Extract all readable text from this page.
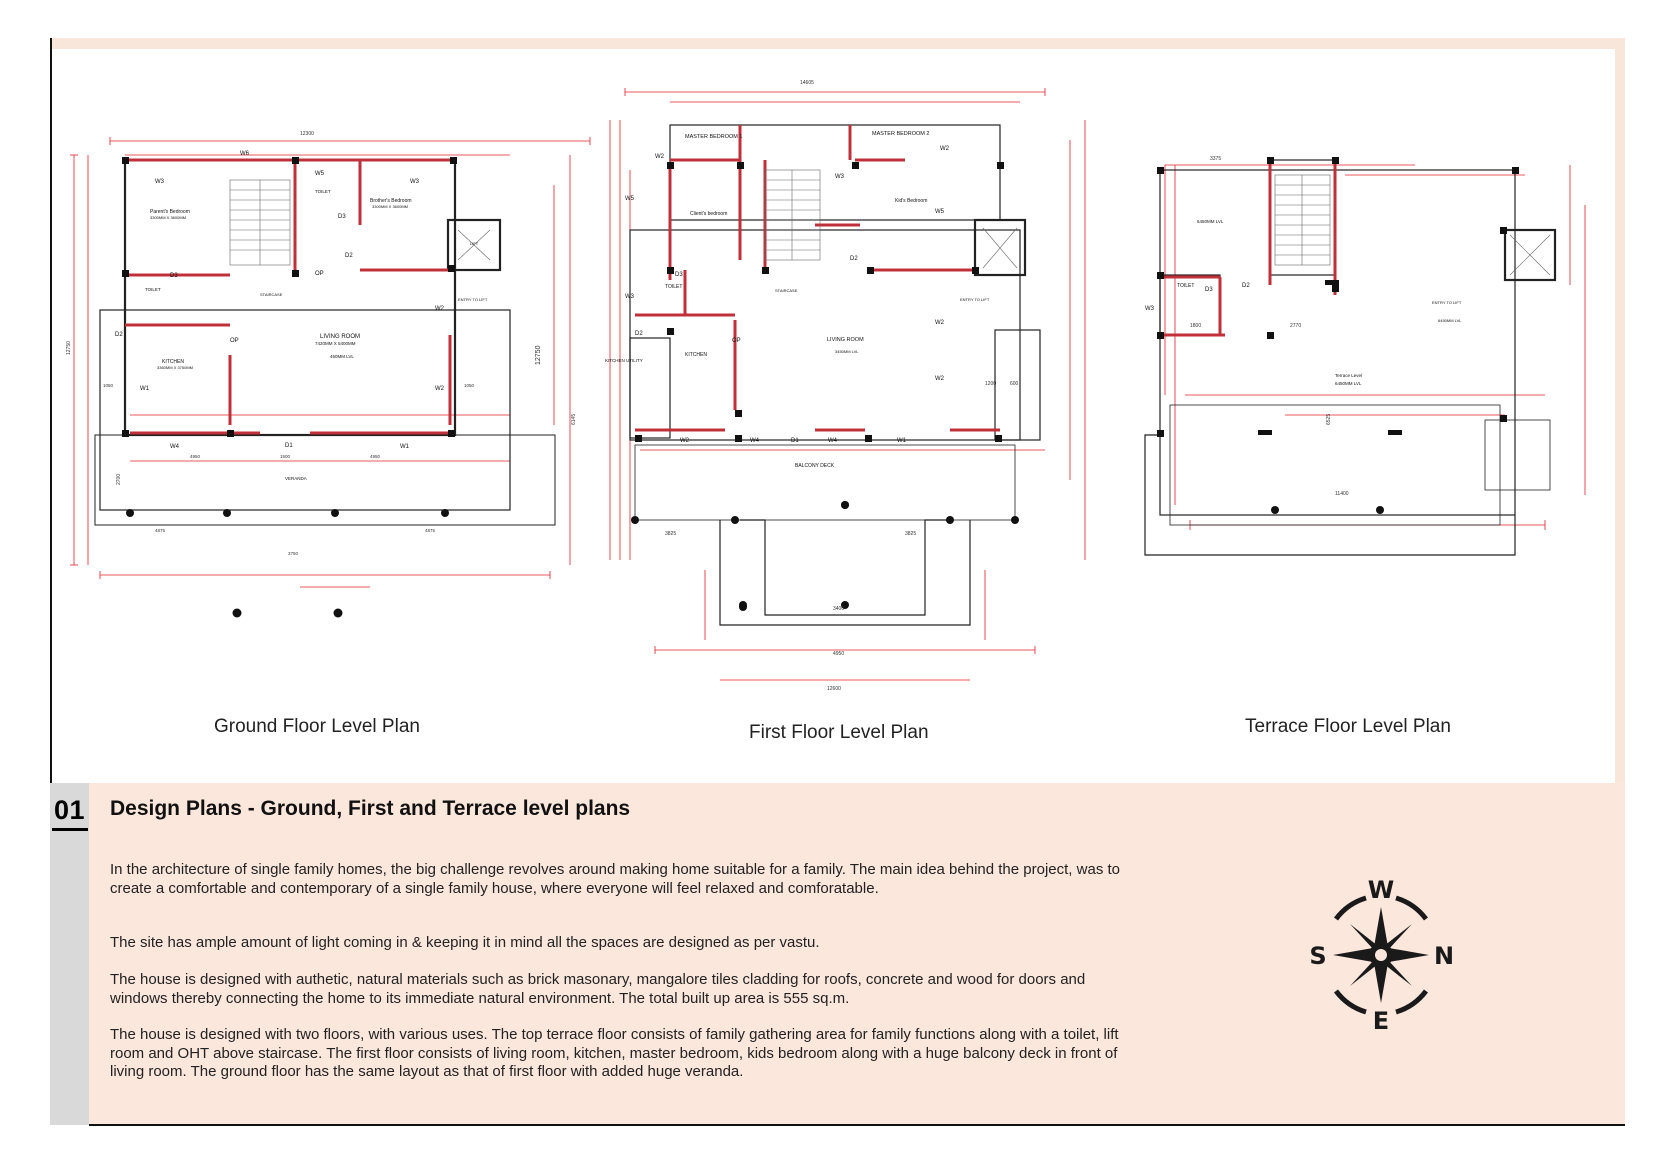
W3
W6
W5
W3
W2
W2
W1
W4	D1	W1
OP
OP
D3
D3
D2
D2
Parent's Bedroom
3300MM X 3600MM
Brother's Bedroom
3300MM X 3600MM
TOILET
TOILET
KITCHEN
3360MM X 3750MM
LIVING ROOM
7420MM X 5400MM
450MM LVL
STAIRCASE
ENTRY TO LIFT
LIFT
VERANDA
12300
12750	12750
6145
2700
4950	1500	4950
4875	4875
3750
1050	1050
Ground Floor Level Plan
MASTER BEDROOM 1	MASTER BEDROOM 2
Client's bedroom
Kid's Bedroom
TOILET
KITCHEN
KITCHEN UTILITY
LIVING ROOM
BALCONY DECK
STAIRCASE
ENTRY TO LIFT
3450MM LVL
W2
W2
W5
W5
W3
W3
W2	W4	D1	W4	W1
W2
W2
OP
D3
D2
D2
14605
12600
3400
4950
3825	3825
1200	600
First Floor Level Plan
TOILET
Terrace Level
6450MM LVL
6450MM LVL
ENTRY TO LIFT
6450MM LVL
11400
6525
3375
2770
1800
W3
D2
D3
Terrace Floor Level Plan
01 Design Plans - Ground, First and Terrace level plans

In the architecture of single family homes, the big challenge revolves around making home suitable for a family. The main idea behind the project, was to create a comfortable and contemporary of a single family house, where everyone will feel relaxed and comforatable.

The site has ample amount of light coming in & keeping it in mind all the spaces are designed as per vastu.

The house is designed with authetic, natural materials such as brick masonary, mangalore tiles cladding for roofs, concrete and wood for doors and windows thereby connecting the home to its immediate natural environment. The total built up area is 555 sq.m.

The house is designed with two floors, with various uses. The top terrace floor consists of family gathering area for family functions along with a toilet, lift room and OHT above staircase. The first floor consists of living room, kitchen, master bedroom, kids bedroom along with a huge balcony deck in front of living room. The ground floor has the same layout as that of first floor with added huge veranda.

W
E
S	N
